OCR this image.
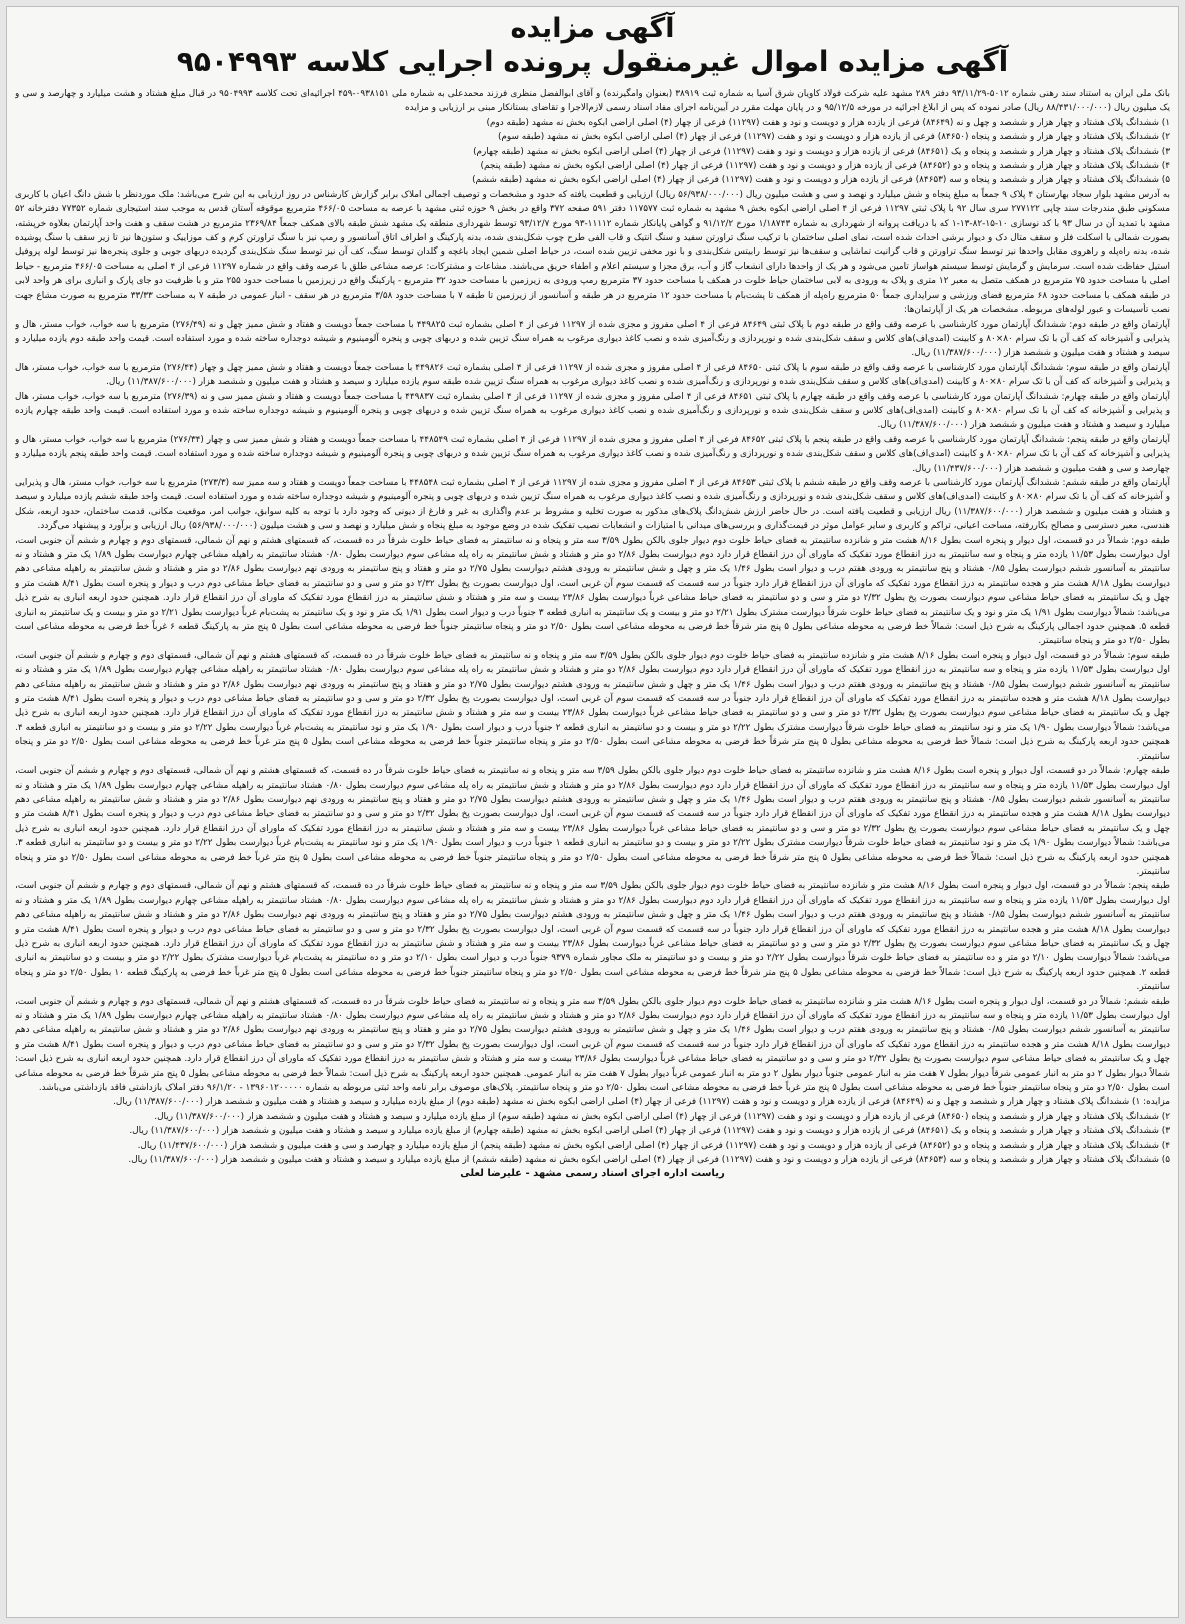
آگهی مزایده
آگهی مزایده اموال غیرمنقول پرونده اجرایی کلاسه ۹۵۰۴۹۹۳

بانک ملی ایران به استناد سند رهنی شماره ۵۰۱۲-۹۳/۱۱/۲۹ دفتر ۲۸۹ مشهد علیه شرکت فولاد کاویان شرق آسیا به شماره ثبت ۳۸۹۱۹ (بعنوان وامگیرنده) و آقای ابوالفضل منظری فرزند محمدعلی به شماره ملی ۰۹۳۸۱۵۱-۴۵۹ اجرائیه‌ای تحت کلاسه ۹۵۰۴۹۹۳ در قبال مبلغ هشتاد و هشت میلیارد و چهارصد و سی و یک میلیون ریال (۸۸/۴۳۱/۰۰۰/۰۰۰ ریال) صادر نموده که پس از ابلاغ اجرائیه در مورخه ۹۵/۱۲/۵ و در پایان مهلت مقرر در آیین‌نامه اجرای مفاد اسناد رسمی لازم‌الاجرا و تقاضای بستانکار مبنی بر ارزیابی و مزایده

۱) ششدانگ پلاک هشتاد و چهار هزار و ششصد و چهل و نه (۸۴۶۴۹) فرعی از یازده هزار و دویست و نود و هفت (۱۱۲۹۷) فرعی از چهار (۴) اصلی اراضی ابکوه بخش نه مشهد (طبقه دوم)

۲) ششدانگ پلاک هشتاد و چهار هزار و ششصد و پنجاه (۸۴۶۵۰) فرعی از یازده هزار و دویست و نود و هفت (۱۱۲۹۷) فرعی از چهار (۴) اصلی اراضی ابکوه بخش نه مشهد (طبقه سوم)

۳) ششدانگ پلاک هشتاد و چهار هزار و ششصد و پنجاه و یک (۸۴۶۵۱) فرعی از یازده هزار و دویست و نود و هفت (۱۱۲۹۷) فرعی از چهار (۴) اصلی اراضی ابکوه بخش نه مشهد (طبقه چهارم)

۴) ششدانگ پلاک هشتاد و چهار هزار و ششصد و پنجاه و دو (۸۴۶۵۲) فرعی از یازده هزار و دویست و نود و هفت (۱۱۲۹۷) فرعی از چهار (۴) اصلی اراضی ابکوه بخش نه مشهد (طبقه پنجم)

۵) ششدانگ پلاک هشتاد و چهار هزار و ششصد و پنجاه و سه (۸۴۶۵۳) فرعی از یازده هزار و دویست و نود و هفت (۱۱۲۹۷) فرعی از چهار (۴) اصلی اراضی ابکوه بخش نه مشهد (طبقه ششم)

به آدرس مشهد بلوار سجاد بهارستان ۴ پلاک ۹ جمعاً به مبلغ پنجاه و شش میلیارد و نهصد و سی و هشت میلیون ریال (۵۶/۹۳۸/۰۰۰/۰۰۰ ریال) ارزیابی و قطعیت یافته که حدود و مشخصات و توصیف اجمالی املاک برابر گزارش کارشناس در روز ارزیابی به این شرح می‌باشد: ملک موردنظر با شش دانگ اعیان با کاربری مسکونی طبق مندرجات سند چاپی ۲۷۷۱۲۲ سری سال ۹۲ با پلاک ثبتی ۱۱۲۹۷ فرعی از ۴ اصلی اراضی ابکوه بخش ۹ مشهد به شماره ثبت ۱۱۷۵۷۷ دفتر ۵۹۱ صفحه ۳۷۲ واقع در بخش ۹ حوزه ثبتی مشهد با عرصه به مساحت ۴۶۶/۰۵ مترمربع موقوفه آستان قدس به موجب سند استیجاری شماره ۷۷۳۵۲ دفترخانه ۵۲ مشهد با تمدید آن در سال ۹۳ با کد نوسازی ۱۰-۱۵-۸۲-۱۳-۱ که با دریافت پروانه از شهرداری به شماره ۱/۱۸۷۴۳ مورخ ۹۱/۱۲/۲ و گواهی پایانکار شماره ۱۱۱۱۲-۹۳ مورخ ۹۳/۱۲/۷ توسط شهرداری منطقه یک مشهد شش طبقه بالای همکف جمعاً ۲۳۶۹/۸۴ مترمربع در هشت سقف و هفت واحد آپارتمان بعلاوه خرپشته، بصورت شمالی با اسکلت فلز و سقف متال دک و دیوار برشی احداث شده است، نمای اصلی ساختمان با ترکیب سنگ تراورتن سفید و سنگ انتیک و قاب الفی طرح چوب شکل‌بندی شده، بدنه پارکینگ و اطراف اتاق آسانسور و رمپ نیز با سنگ تراورتن کرم و کف موزاییک و ستون‌ها نیز تا زیر سقف با سنگ پوشیده شده، بدنه راه‌پله و راهروی مقابل واحدها نیز توسط سنگ تراورتن و قاب گرانیت تماشایی و سقف‌ها نیز توسط رابیتس شکل‌بندی و با نور مخفی تزیین شده است، در حیاط اصلی شمین ایجاد باغچه و گلدان توسط سنگ، کف آن نیز توسط سنگ شکل‌بندی گردیده دربهای جوبی و جلوی پنجره‌ها نیز توسط لوله پروفیل استیل حفاظت شده است. سرمایش و گرمایش توسط سیستم هواساز تامین می‌شود و هر یک از واحدها دارای انشعاب گاز و آب، برق مجزا و سیستم اعلام و اطفاء حریق می‌باشند. مشاعات و مشترکات: عرصه مشاعی طلق با عرصه وقف واقع در شماره ۱۱۲۹۷ فرعی از ۴ اصلی به مساحت ۴۶۶/۰۵ مترمربع - حیاط اصلی با مساحت حدود ۷۵ مترمربع در همکف متصل به معبر ۱۲ متری و پلاک به ورودی به لابی ساختمان حیاط خلوت در همکف با مساحت حدود ۳۷ مترمربع رمپ ورودی به زیرزمین با مساحت حدود ۳۲ مترمربع - پارکینگ واقع در زیرزمین با مساحت حدود ۲۵۵ متر و با ظرفیت دو جای پارک و انباری برای هر واحد لابی در طبقه همکف با مساحت حدود ۶۸ مترمربع فضای ورزشی و سرایداری جمعاً ۵۰ مترمربع راه‌پله از همکف تا پشت‌بام با مساحت حدود ۱۲ مترمربع در هر طبقه و آسانسور از زیرزمین تا طبقه ۷ با مساحت حدود ۳/۵۸ مترمربع در هر سقف - انبار عمومی در طبقه ۷ به مساحت ۳۳/۳۳ مترمربع به صورت مشاع جهت نصب تأسیسات و عبور لوله‌های مربوطه. مشخصات هر یک از آپارتمان‌ها:

آپارتمان واقع در طبقه دوم: ششدانگ آپارتمان مورد کارشناسی با عرصه وقف واقع در طبقه دوم با پلاک ثبتی ۸۴۶۴۹ فرعی از ۴ اصلی مفروز و مجزی شده از ۱۱۲۹۷ فرعی از ۴ اصلی بشماره ثبت ۴۴۹۸۲۵ با مساحت جمعاً دویست و هفتاد و شش ممیز چهل و نه (۲۷۶/۴۹) مترمربع با سه خواب، خواب مستر، هال و پذیرایی و آشپزخانه که کف آن با تک سرام ۸۰×۸۰ و کابینت (امدی‌اف)‌های کلاس و سقف شکل‌بندی شده و نورپردازی و رنگ‌آمیزی شده و نصب کاغذ دیواری مرغوب به همراه سنگ تزیین شده و دربهای چوبی و پنجره آلومینیوم و شیشه دوجداره ساخته شده و مورد استفاده است. قیمت واحد طبقه دوم یازده میلیارد و سیصد و هشتاد و هفت میلیون و ششصد هزار (۱۱/۳۸۷/۶۰۰/۰۰۰) ریال.

آپارتمان واقع در طبقه سوم: ششدانگ آپارتمان مورد کارشناسی با عرصه وقف واقع در طبقه سوم با پلاک ثبتی ۸۴۶۵۰ فرعی از ۴ اصلی مفروز و مجزی شده از ۱۱۲۹۷ فرعی از ۴ اصلی بشماره ثبت ۴۴۹۸۲۶ با مساحت جمعاً دویست و هفتاد و شش ممیز چهل و چهار (۲۷۶/۴۴) مترمربع با سه خواب، خواب مستر، هال و پذیرایی و آشپزخانه که کف آن با تک سرام ۸۰×۸۰ و کابینت (امدی‌اف)‌های کلاس و سقف شکل‌بندی شده و نورپردازی و رنگ‌آمیزی شده و نصب کاغذ دیواری مرغوب به همراه سنگ تزیین شده طبقه سوم یازده میلیارد و سیصد و هشتاد و هفت میلیون و ششصد هزار (۱۱/۳۸۷/۶۰۰/۰۰۰) ریال.

آپارتمان واقع در طبقه چهارم: ششدانگ آپارتمان مورد کارشناسی با عرصه وقف واقع در طبقه چهارم با پلاک ثبتی ۸۴۶۵۱ فرعی از ۴ اصلی مفروز و مجزی شده از ۱۱۲۹۷ فرعی از ۴ اصلی بشماره ثبت ۴۴۹۸۳۷ با مساحت جمعاً دویست و هفتاد و شش ممیز سی و نه (۲۷۶/۳۹) مترمربع با سه خواب، خواب مستر، هال و پذیرایی و آشپزخانه که کف آن با تک سرام ۸۰×۸۰ و کابینت (امدی‌اف)‌های کلاس و سقف شکل‌بندی شده و نورپردازی و رنگ‌آمیزی شده و نصب کاغذ دیواری مرغوب به همراه سنگ تزیین شده و دربهای چوبی و پنجره آلومینیوم و شیشه دوجداره ساخته شده و مورد استفاده است. قیمت واحد طبقه چهارم یازده میلیارد و سیصد و هشتاد و هفت میلیون و ششصد هزار (۱۱/۳۸۷/۶۰۰/۰۰۰) ریال.

آپارتمان واقع در طبقه پنجم: ششدانگ آپارتمان مورد کارشناسی با عرصه وقف واقع در طبقه پنجم با پلاک ثبتی ۸۴۶۵۲ فرعی از ۴ اصلی مفروز و مجزی شده از ۱۱۲۹۷ فرعی از ۴ اصلی بشماره ثبت ۴۴۸۵۴۹ با مساحت جمعاً دویست و هفتاد و شش ممیز سی و چهار (۲۷۶/۳۴) مترمربع با سه خواب، خواب مستر، هال و پذیرایی و آشپزخانه که کف آن با تک سرام ۸۰×۸۰ و کابینت (امدی‌اف)‌های کلاس و سقف شکل‌بندی شده و نورپردازی و رنگ‌آمیزی شده و نصب کاغذ دیواری مرغوب به همراه سنگ تزیین شده و دربهای چوبی و پنجره آلومینیوم و شیشه دوجداره ساخته شده و مورد استفاده است. قیمت واحد طبقه پنجم یازده میلیارد و چهارصد و سی و هفت میلیون و ششصد هزار (۱۱/۴۳۷/۶۰۰/۰۰۰) ریال.

آپارتمان واقع در طبقه ششم: ششدانگ آپارتمان مورد کارشناسی با عرصه وقف واقع در طبقه ششم با پلاک ثبتی ۸۴۶۵۳ فرعی از ۴ اصلی مفروز و مجزی شده از ۱۱۲۹۷ فرعی از ۴ اصلی بشماره ثبت ۴۴۸۵۴۸ با مساحت جمعاً دویست و هفتاد و سه ممیز سه (۲۷۳/۳) مترمربع با سه خواب، خواب مستر، هال و پذیرایی و آشپزخانه که کف آن با تک سرام ۸۰×۸۰ و کابینت (امدی‌اف)‌های کلاس و سقف شکل‌بندی شده و نورپردازی و رنگ‌آمیزی شده و نصب کاغذ دیواری مرغوب به همراه سنگ تزیین شده و دربهای چوبی و پنجره آلومینیوم و شیشه دوجداره ساخته شده و مورد استفاده است. قیمت واحد طبقه ششم یازده میلیارد و سیصد و هشتاد و هفت میلیون و ششصد هزار (۱۱/۳۸۷/۶۰۰/۰۰۰) ریال ارزیابی و قطعیت یافته است. در حال حاضر ارزش شش‌دانگ پلاک‌های مذکور به صورت تخلیه و مشروط بر عدم واگذاری به غیر و فارغ از دیونی که وجود دارد با توجه به کلیه سوابق، جوانب امر، موقعیت مکانی، قدمت ساختمان، حدود اربعه، شکل هندسی، معبر دسترسی و مصالح بکاررفته، مساحت اعیانی، تراکم و کاربری و سایر عوامل موثر در قیمت‌گذاری و بررسی‌های میدانی با امتیازات و انشعابات نصیب تفکیک شده در وضع موجود به مبلغ پنجاه و شش میلیارد و نهصد و سی و هشت میلیون (۵۶/۹۳۸/۰۰۰/۰۰۰) ریال ارزیابی و برآورد و پیشنهاد می‌گردد.

طبقه دوم: شمالاً در دو قسمت، اول دیوار و پنجره است بطول ۸/۱۶ هشت متر و شانزده سانتیمتر به فضای حیاط خلوت دوم دیوار جلوی بالکن بطول ۳/۵۹ سه متر و پنجاه و نه سانتیمتر به فضای حیاط خلوت شرقاً در ده قسمت، که قسمتهای هشتم و نهم آن شمالی، قسمتهای دوم و چهارم و ششم آن جنوبی است، اول دیوارست بطول ۱۱/۵۳ یازده متر و پنجاه و سه سانتیمتر به درز انقطاع مورد تفکیک که ماورای آن درز انقطاع قرار دارد دوم دیوارست بطول ۲/۸۶ دو متر و هشتاد و شش سانتیمتر به راه پله مشاعی سوم دیوارست بطول ۰/۸۰ هشتاد سانتیمتر به راهپله مشاعی چهارم دیوارست بطول ۱/۸۹ یک متر و هشتاد و نه سانتیمتر به آسانسور ششم دیوارست بطول ۰/۸۵ هشتاد و پنج سانتیمتر به ورودی هفتم درب و دیوار است بطول ۱/۴۶ یک متر و چهل و شش سانتیمتر به ورودی هشتم دیوارست بطول ۲/۷۵ دو متر و هفتاد و پنج سانتیمتر به ورودی نهم دیوارست بطول ۲/۸۶ دو متر و هشتاد و شش سانتیمتر به راهپله مشاعی دهم دیوارست بطول ۸/۱۸ هشت متر و هجده سانتیمتر به درز انقطاع مورد تفکیک که ماورای آن درز انقطاع قرار دارد جنوباً در سه قسمت که قسمت سوم آن غربی است، اول دیوارست بصورت پخ بطول ۲/۳۲ دو متر و سی و دو سانتیمتر به فضای حیاط مشاعی دوم درب و دیوار و پنجره است بطول ۸/۴۱ هشت متر و چهل و یک سانتیمتر به فضای حیاط مشاعی سوم دیوارست بصورت پخ بطول ۲/۳۲ دو متر و سی و دو سانتیمتر به فضای حیاط مشاعی غرباً دیوارست بطول ۲۳/۸۶ بیست و سه متر و هشتاد و شش سانتیمتر به درز انقطاع مورد تفکیک که ماورای آن درز انقطاع قرار دارد. همچنین حدود اربعه انباری به شرح ذیل می‌باشد: شمالاً دیوارست بطول ۱/۹۱ یک متر و نود و یک سانتیمتر به فضای حیاط خلوت شرقاً دیوارست مشترک بطول ۲/۲۱ دو متر و بیست و یک سانتیمتر به انباری قطعه ۳ جنوباً درب و دیوار است بطول ۱/۹۱ یک متر و نود و یک سانتیمتر به پشت‌بام غرباً دیوارست بطول ۲/۲۱ دو متر و بیست و یک سانتیمتر به انباری قطعه ۵. همچنین حدود اجمالی پارکینگ به شرح ذیل است: شمالاً خط فرضی به محوطه مشاعی بطول ۵ پنج متر شرقاً خط فرضی به محوطه مشاعی است بطول ۲/۵۰ دو متر و پنجاه سانتیمتر جنوباً خط فرضی به محوطه مشاعی است بطول ۵ پنج متر به پارکینگ قطعه ۶ غرباً خط فرضی به محوطه مشاعی است بطول ۲/۵۰ دو متر و پنجاه سانتیمتر.

طبقه سوم: شمالاً در دو قسمت، اول دیوار و پنجره است بطول ۸/۱۶ هشت متر و شانزده سانتیمتر به فضای حیاط خلوت دوم دیوار جلوی بالکن بطول ۳/۵۹ سه متر و پنجاه و نه سانتیمتر به فضای حیاط خلوت شرقاً در ده قسمت، که قسمتهای هشتم و نهم آن شمالی، قسمتهای دوم و چهارم و ششم آن جنوبی است، اول دیوارست بطول ۱۱/۵۳ یازده متر و پنجاه و سه سانتیمتر به درز انقطاع مورد تفکیک که ماورای آن درز انقطاع قرار دارد دوم دیوارست بطول ۲/۸۶ دو متر و هشتاد و شش سانتیمتر به راه پله مشاعی سوم دیوارست بطول ۰/۸۰ هشتاد سانتیمتر به راهپله مشاعی چهارم دیوارست بطول ۱/۸۹ یک متر و هشتاد و نه سانتیمتر به آسانسور ششم دیوارست بطول ۰/۸۵ هشتاد و پنج سانتیمتر به ورودی هفتم درب و دیوار است بطول ۱/۴۶ یک متر و چهل و شش سانتیمتر به ورودی هشتم دیوارست بطول ۲/۷۵ دو متر و هفتاد و پنج سانتیمتر به ورودی نهم دیوارست بطول ۲/۸۶ دو متر و هشتاد و شش سانتیمتر به راهپله مشاعی دهم دیوارست بطول ۸/۱۸ هشت متر و هجده سانتیمتر به درز انقطاع مورد تفکیک که ماورای آن درز انقطاع قرار دارد جنوباً در سه قسمت که قسمت سوم آن غربی است، اول دیوارست بصورت پخ بطول ۲/۳۲ دو متر و سی و دو سانتیمتر به فضای حیاط مشاعی دوم درب و دیوار و پنجره است بطول ۸/۴۱ هشت متر و چهل و یک سانتیمتر به فضای حیاط مشاعی سوم دیوارست بصورت پخ بطول ۲/۳۲ دو متر و سی و دو سانتیمتر به فضای حیاط مشاعی غرباً دیوارست بطول ۲۳/۸۶ بیست و سه متر و هشتاد و شش سانتیمتر به درز انقطاع مورد تفکیک که ماورای آن درز انقطاع قرار دارد. همچنین حدود اربعه انباری به شرح ذیل می‌باشد: شمالاً دیوارست بطول ۱/۹۰ یک متر و نود سانتیمتر به فضای حیاط خلوت شرقاً دیوارست مشترک بطول ۲/۲۲ دو متر و بیست و دو سانتیمتر به انباری قطعه ۲ جنوباً درب و دیوار است بطول ۱/۹۰ یک متر و نود سانتیمتر به پشت‌بام غرباً دیوارست بطول ۲/۲۲ دو متر و بیست و دو سانتیمتر به انباری قطعه ۴. همچنین حدود اربعه پارکینگ به شرح ذیل است: شمالاً خط فرضی به محوطه مشاعی بطول ۵ پنج متر شرقاً خط فرضی به محوطه مشاعی است بطول ۲/۵۰ دو متر و پنجاه سانتیمتر جنوباً خط فرضی به محوطه مشاعی است بطول ۵ پنج متر غرباً خط فرضی به محوطه مشاعی است بطول ۲/۵۰ دو متر و پنجاه سانتیمتر.

طبقه چهارم: شمالاً در دو قسمت، اول دیوار و پنجره است بطول ۸/۱۶ هشت متر و شانزده سانتیمتر به فضای حیاط خلوت دوم دیوار جلوی بالکن بطول ۳/۵۹ سه متر و پنجاه و نه سانتیمتر به فضای حیاط خلوت شرقاً در ده قسمت، که قسمتهای هشتم و نهم آن شمالی، قسمتهای دوم و چهارم و ششم آن جنوبی است، اول دیوارست بطول ۱۱/۵۳ یازده متر و پنجاه و سه سانتیمتر به درز انقطاع مورد تفکیک که ماورای آن درز انقطاع قرار دارد دوم دیوارست بطول ۲/۸۶ دو متر و هشتاد و شش سانتیمتر به راه پله مشاعی سوم دیوارست بطول ۰/۸۰ هشتاد سانتیمتر به راهپله مشاعی چهارم دیوارست بطول ۱/۸۹ یک متر و هشتاد و نه سانتیمتر به آسانسور ششم دیوارست بطول ۰/۸۵ هشتاد و پنج سانتیمتر به ورودی هفتم درب و دیوار است بطول ۱/۴۶ یک متر و چهل و شش سانتیمتر به ورودی هشتم دیوارست بطول ۲/۷۵ دو متر و هفتاد و پنج سانتیمتر به ورودی نهم دیوارست بطول ۲/۸۶ دو متر و هشتاد و شش سانتیمتر به راهپله مشاعی دهم دیوارست بطول ۸/۱۸ هشت متر و هجده سانتیمتر به درز انقطاع مورد تفکیک که ماورای آن درز انقطاع قرار دارد جنوباً در سه قسمت که قسمت سوم آن غربی است، اول دیوارست بصورت پخ بطول ۲/۳۲ دو متر و سی و دو سانتیمتر به فضای حیاط مشاعی دوم درب و دیوار و پنجره است بطول ۸/۴۱ هشت متر و چهل و یک سانتیمتر به فضای حیاط مشاعی سوم دیوارست بصورت پخ بطول ۲/۳۲ دو متر و سی و دو سانتیمتر به فضای حیاط مشاعی غرباً دیوارست بطول ۲۳/۸۶ بیست و سه متر و هشتاد و شش سانتیمتر به درز انقطاع مورد تفکیک که ماورای آن درز انقطاع قرار دارد. همچنین حدود اربعه انباری به شرح ذیل می‌باشد: شمالاً دیوارست بطول ۱/۹۰ یک متر و نود سانتیمتر به فضای حیاط خلوت شرقاً دیوارست مشترک بطول ۲/۲۲ دو متر و بیست و دو سانتیمتر به انباری قطعه ۱ جنوباً درب و دیوار است بطول ۱/۹۰ یک متر و نود سانتیمتر به پشت‌بام غرباً دیوارست بطول ۲/۲۲ دو متر و بیست و دو سانتیمتر به انباری قطعه ۳. همچنین حدود اربعه پارکینگ به شرح ذیل است: شمالاً خط فرضی به محوطه مشاعی بطول ۵ پنج متر شرقاً خط فرضی به محوطه مشاعی است بطول ۲/۵۰ دو متر و پنجاه سانتیمتر جنوباً خط فرضی به محوطه مشاعی است بطول ۵ پنج متر غرباً خط فرضی به محوطه مشاعی است بطول ۲/۵۰ دو متر و پنجاه سانتیمتر.

طبقه پنجم: شمالاً در دو قسمت، اول دیوار و پنجره است بطول ۸/۱۶ هشت متر و شانزده سانتیمتر به فضای حیاط خلوت دوم دیوار جلوی بالکن بطول ۳/۵۹ سه متر و پنجاه و نه سانتیمتر به فضای حیاط خلوت شرقاً در ده قسمت، که قسمتهای هشتم و نهم آن شمالی، قسمتهای دوم و چهارم و ششم آن جنوبی است، اول دیوارست بطول ۱۱/۵۳ یازده متر و پنجاه و سه سانتیمتر به درز انقطاع مورد تفکیک که ماورای آن درز انقطاع قرار دارد دوم دیوارست بطول ۲/۸۶ دو متر و هشتاد و شش سانتیمتر به راه پله مشاعی سوم دیوارست بطول ۰/۸۰ هشتاد سانتیمتر به راهپله مشاعی چهارم دیوارست بطول ۱/۸۹ یک متر و هشتاد و نه سانتیمتر به آسانسور ششم دیوارست بطول ۰/۸۵ هشتاد و پنج سانتیمتر به ورودی هفتم درب و دیوار است بطول ۱/۴۶ یک متر و چهل و شش سانتیمتر به ورودی هشتم دیوارست بطول ۲/۷۵ دو متر و هفتاد و پنج سانتیمتر به ورودی نهم دیوارست بطول ۲/۸۶ دو متر و هشتاد و شش سانتیمتر به راهپله مشاعی دهم دیوارست بطول ۸/۱۸ هشت متر و هجده سانتیمتر به درز انقطاع مورد تفکیک که ماورای آن درز انقطاع قرار دارد جنوباً در سه قسمت که قسمت سوم آن غربی است، اول دیوارست بصورت پخ بطول ۲/۳۲ دو متر و سی و دو سانتیمتر به فضای حیاط مشاعی دوم درب و دیوار و پنجره است بطول ۸/۴۱ هشت متر و چهل و یک سانتیمتر به فضای حیاط مشاعی سوم دیوارست بصورت پخ بطول ۲/۳۲ دو متر و سی و دو سانتیمتر به فضای حیاط مشاعی غرباً دیوارست بطول ۲۳/۸۶ بیست و سه متر و هشتاد و شش سانتیمتر به درز انقطاع مورد تفکیک که ماورای آن درز انقطاع قرار دارد. همچنین حدود اربعه انباری به شرح ذیل می‌باشد: شمالاً دیوارست بطول ۲/۱۰ دو متر و ده سانتیمتر به فضای حیاط خلوت شرقاً دیوارست بطول ۲/۲۲ دو متر و بیست و دو سانتیمتر به ملک مجاور شماره ۹۳۷۹ جنوباً درب و دیوار است بطول ۲/۱۰ دو متر و ده سانتیمتر به پشت‌بام غرباً دیوارست مشترک بطول ۲/۲۲ دو متر و بیست و دو سانتیمتر به انباری قطعه ۲. همچنین حدود اربعه پارکینگ به شرح ذیل است: شمالاً خط فرضی به محوطه مشاعی بطول ۵ پنج متر شرقاً خط فرضی به محوطه مشاعی است بطول ۲/۵۰ دو متر و پنجاه سانتیمتر جنوباً خط فرضی به محوطه مشاعی است بطول ۵ پنج متر غرباً خط فرضی به پارکینگ قطعه ۱۰ بطول ۲/۵۰ دو متر و پنجاه سانتیمتر.

طبقه ششم: شمالاً در دو قسمت، اول دیوار و پنجره است بطول ۸/۱۶ هشت متر و شانزده سانتیمتر به فضای حیاط خلوت دوم دیوار جلوی بالکن بطول ۳/۵۹ سه متر و پنجاه و نه سانتیمتر به فضای حیاط خلوت شرقاً در ده قسمت، که قسمتهای هشتم و نهم آن شمالی، قسمتهای دوم و چهارم و ششم آن جنوبی است، اول دیوارست بطول ۱۱/۵۳ یازده متر و پنجاه و سه سانتیمتر به درز انقطاع مورد تفکیک که ماورای آن درز انقطاع قرار دارد دوم دیوارست بطول ۲/۸۶ دو متر و هشتاد و شش سانتیمتر به راه پله مشاعی سوم دیوارست بطول ۰/۸۰ هشتاد سانتیمتر به راهپله مشاعی چهارم دیوارست بطول ۱/۸۹ یک متر و هشتاد و نه سانتیمتر به آسانسور ششم دیوارست بطول ۰/۸۵ هشتاد و پنج سانتیمتر به ورودی هفتم درب و دیوار است بطول ۱/۴۶ یک متر و چهل و شش سانتیمتر به ورودی هشتم دیوارست بطول ۲/۷۵ دو متر و هفتاد و پنج سانتیمتر به ورودی نهم دیوارست بطول ۲/۸۶ دو متر و هشتاد و شش سانتیمتر به راهپله مشاعی دهم دیوارست بطول ۸/۱۸ هشت متر و هجده سانتیمتر به درز انقطاع مورد تفکیک که ماورای آن درز انقطاع قرار دارد جنوباً در سه قسمت که قسمت سوم آن غربی است، اول دیوارست بصورت پخ بطول ۲/۳۲ دو متر و سی و دو سانتیمتر به فضای حیاط مشاعی دوم درب و دیوار و پنجره است بطول ۸/۴۱ هشت متر و چهل و یک سانتیمتر به فضای حیاط مشاعی سوم دیوارست بصورت پخ بطول ۲/۳۲ دو متر و سی و دو سانتیمتر به فضای حیاط مشاعی غرباً دیوارست بطول ۲۳/۸۶ بیست و سه متر و هشتاد و شش سانتیمتر به درز انقطاع مورد تفکیک که ماورای آن درز انقطاع قرار دارد. همچنین حدود اربعه انباری به شرح ذیل است: شمالاً دیوار بطول ۲ دو متر به انبار عمومی شرقاً دیوار بطول ۷ هفت متر به انبار عمومی جنوباً دیوار بطول ۲ دو متر به انبار عمومی غرباً دیوار بطول ۷ هفت متر به انبار عمومی. همچنین حدود اربعه پارکینگ به شرح ذیل است: شمالاً خط فرضی به محوطه مشاعی بطول ۵ پنج متر شرقاً خط فرضی به محوطه مشاعی است بطول ۲/۵۰ دو متر و پنجاه سانتیمتر جنوباً خط فرضی به محوطه مشاعی است بطول ۵ پنج متر غرباً خط فرضی به محوطه مشاعی است بطول ۲/۵۰ دو متر و پنجاه سانتیمتر. پلاک‌های موصوف برابر نامه واحد ثبتی مربوطه به شماره ۱۳۹۶۰۱۲۰۰۰۰۰ - ۹۶/۱/۲۰ دفتر املاک بازداشتی فاقد بازداشتی می‌باشد.

مزایده: ۱) ششدانگ پلاک هشتاد و چهار هزار و ششصد و چهل و نه (۸۴۶۴۹) فرعی از یازده هزار و دویست و نود و هفت (۱۱۲۹۷) فرعی از چهار (۴) اصلی اراضی ابکوه بخش نه مشهد (طبقه دوم) از مبلغ یازده میلیارد و سیصد و هشتاد و هفت میلیون و ششصد هزار (۱۱/۳۸۷/۶۰۰/۰۰۰) ریال.

۲) ششدانگ پلاک هشتاد و چهار هزار و ششصد و پنجاه (۸۴۶۵۰) فرعی از یازده هزار و دویست و نود و هفت (۱۱۲۹۷) فرعی از چهار (۴) اصلی اراضی ابکوه بخش نه مشهد (طبقه سوم) از مبلغ یازده میلیارد و سیصد و هشتاد و هفت میلیون و ششصد هزار (۱۱/۳۸۷/۶۰۰/۰۰۰) ریال.

۳) ششدانگ پلاک هشتاد و چهار هزار و ششصد و پنجاه و یک (۸۴۶۵۱) فرعی از یازده هزار و دویست و نود و هفت (۱۱۲۹۷) فرعی از چهار (۴) اصلی اراضی ابکوه بخش نه مشهد (طبقه چهارم) از مبلغ یازده میلیارد و سیصد و هشتاد و هفت میلیون و ششصد هزار (۱۱/۳۸۷/۶۰۰/۰۰۰) ریال.

۴) ششدانگ پلاک هشتاد و چهار هزار و ششصد و پنجاه و دو (۸۴۶۵۲) فرعی از یازده هزار و دویست و نود و هفت (۱۱۲۹۷) فرعی از چهار (۴) اصلی اراضی ابکوه بخش نه مشهد (طبقه پنجم) از مبلغ یازده میلیارد و چهارصد و سی و هفت میلیون و ششصد هزار (۱۱/۴۳۷/۶۰۰/۰۰۰) ریال.

۵) ششدانگ پلاک هشتاد و چهار هزار و ششصد و پنجاه و سه (۸۴۶۵۳) فرعی از یازده هزار و دویست و نود و هفت (۱۱۲۹۷) فرعی از چهار (۴) اصلی اراضی ابکوه بخش نه مشهد (طبقه ششم) از مبلغ یازده میلیارد و سیصد و هشتاد و هفت میلیون و ششصد هزار (۱۱/۳۸۷/۶۰۰/۰۰۰) ریال.

ریاست اداره اجرای اسناد رسمی مشهد - علیرضا لعلی
